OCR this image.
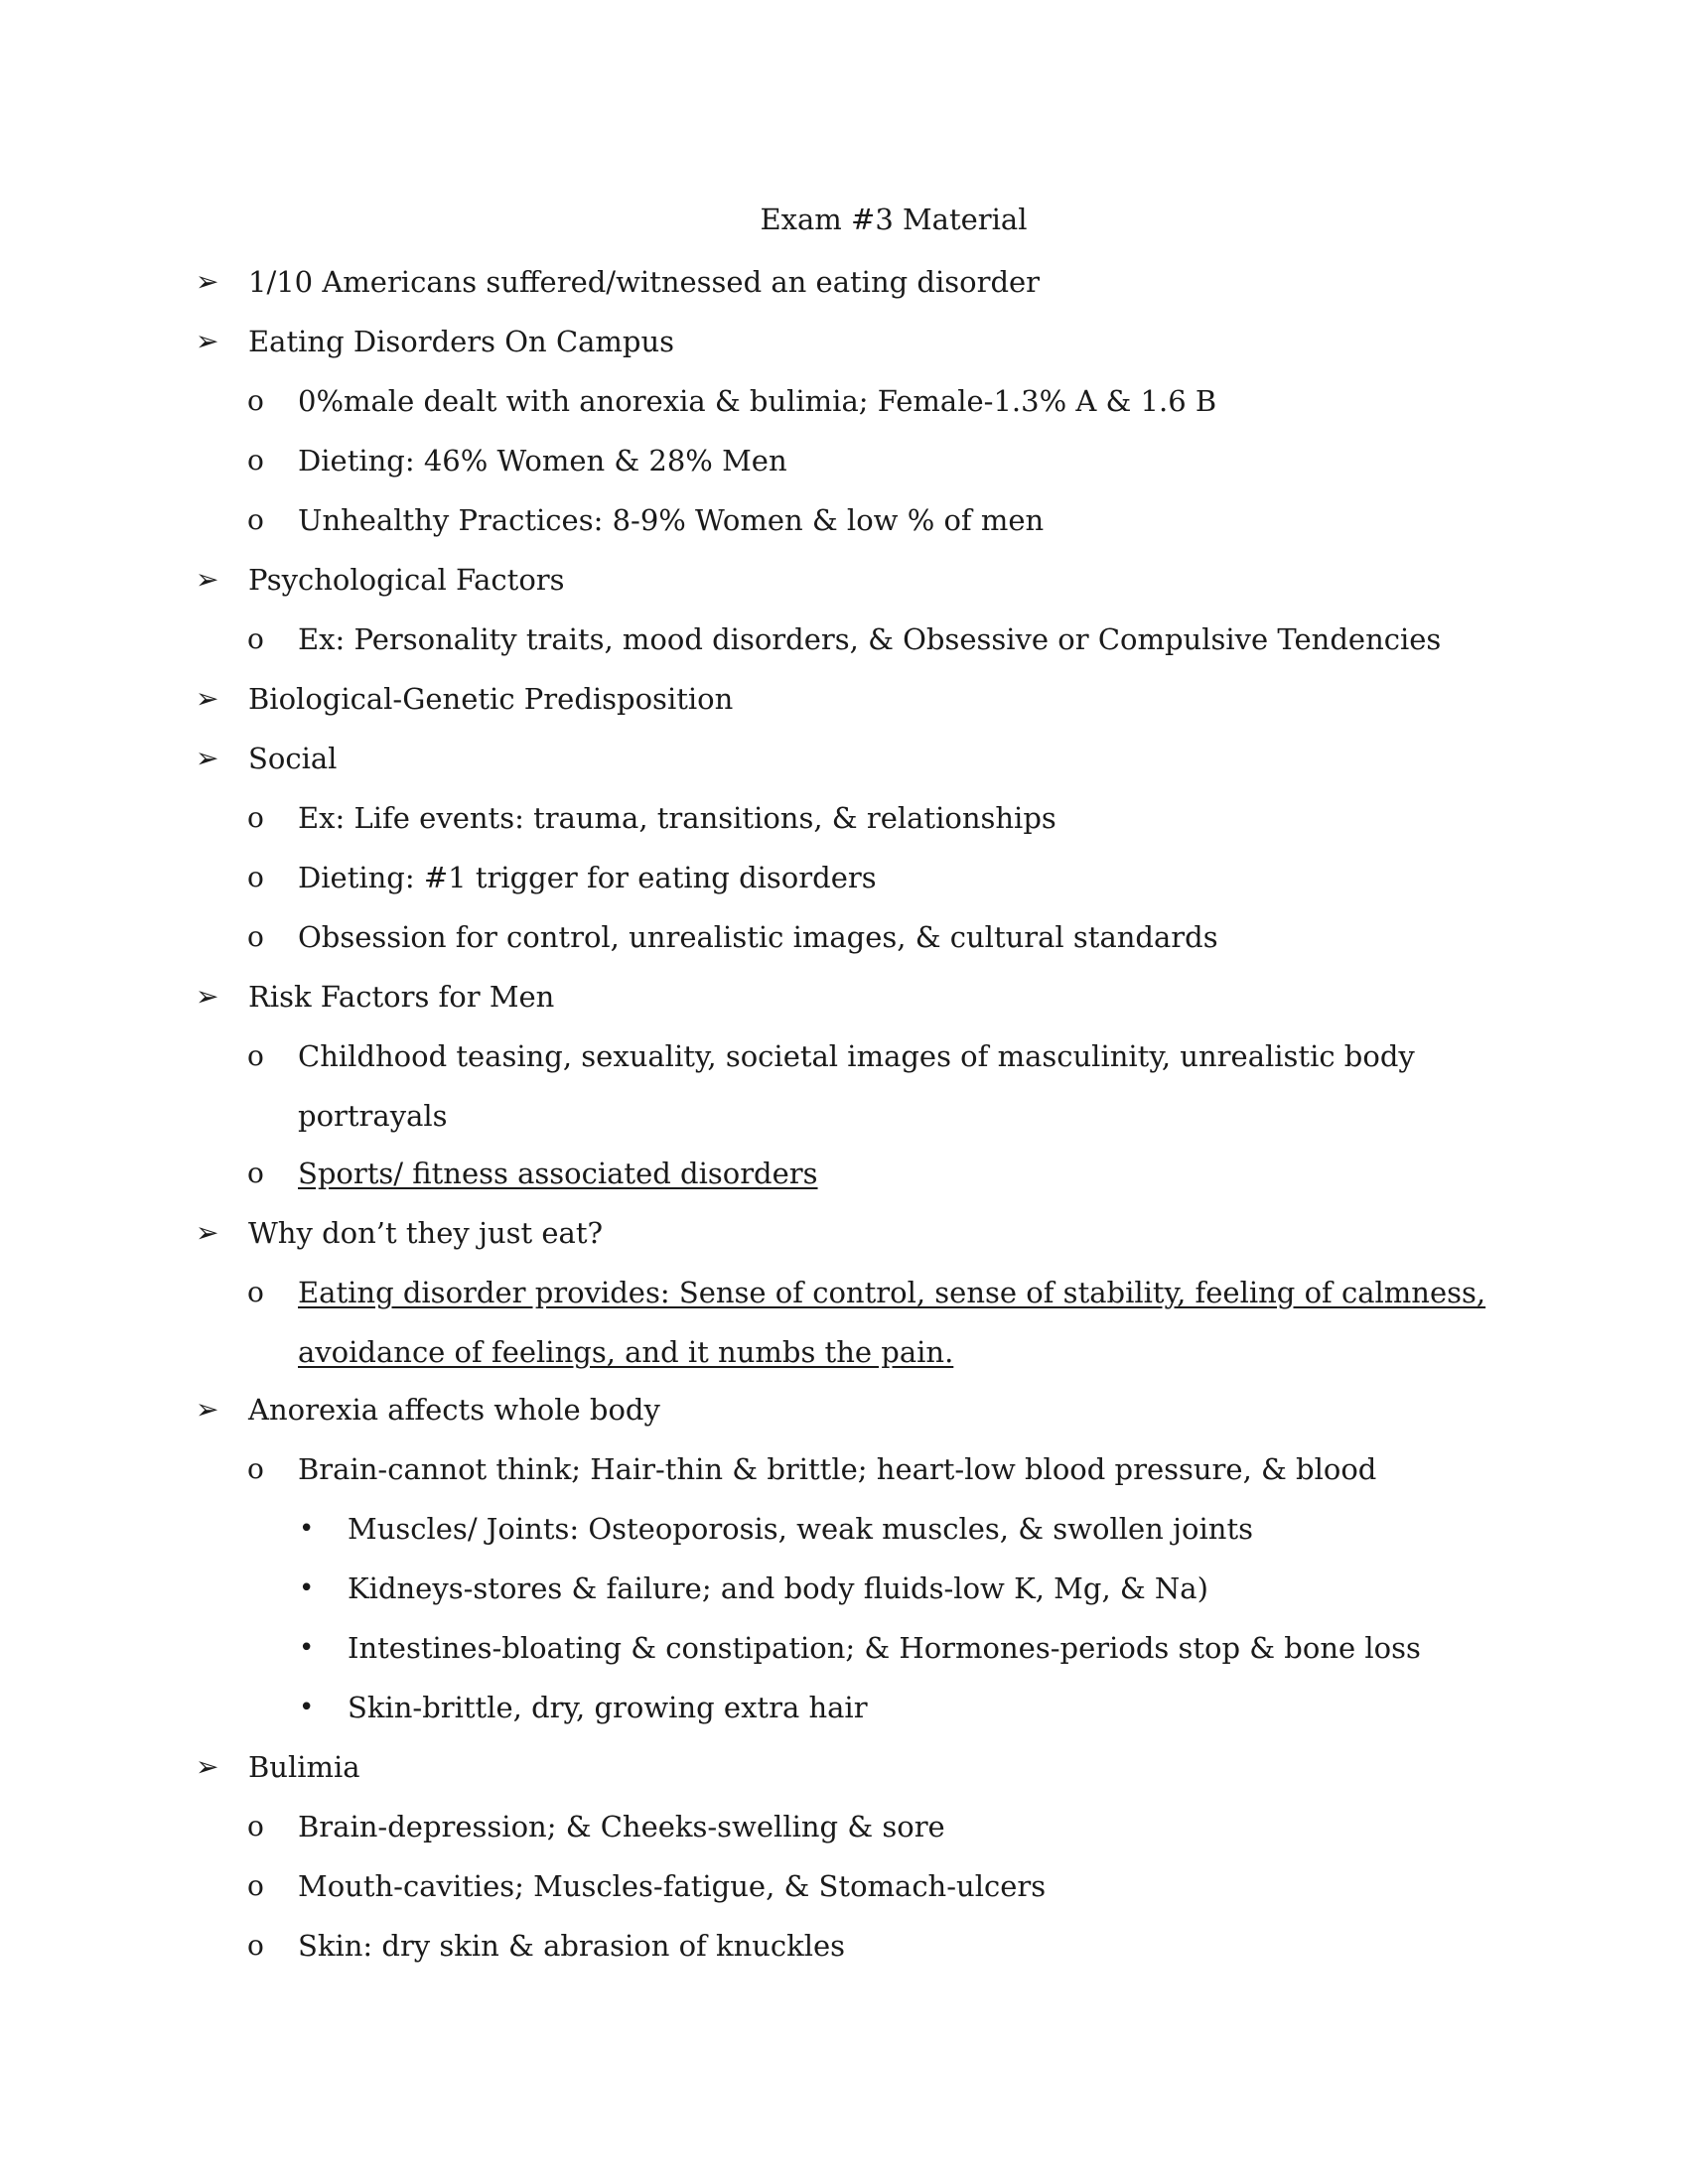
Exam #3 Material
➢ 1/10 Americans suffered/witnessed an eating disorder
➢ Eating Disorders On Campus
o 0%male dealt with anorexia & bulimia; Female-1.3% A & 1.6 B
o Dieting: 46% Women & 28% Men
o Unhealthy Practices: 8-9% Women & low % of men
➢ Psychological Factors
o Ex: Personality traits, mood disorders, & Obsessive or Compulsive Tendencies
➢ Biological-Genetic Predisposition
➢ Social
o Ex: Life events: trauma, transitions, & relationships
o Dieting: #1 trigger for eating disorders
o Obsession for control, unrealistic images, & cultural standards
➢ Risk Factors for Men
o Childhood teasing, sexuality, societal images of masculinity, unrealistic body
portrayals
o Sports/ fitness associated disorders
➢ Why don’t they just eat?
o Eating disorder provides: Sense of control, sense of stability, feeling of calmness,
avoidance of feelings, and it numbs the pain.
➢ Anorexia affects whole body
o Brain-cannot think; Hair-thin & brittle; heart-low blood pressure, & blood
• Muscles/ Joints: Osteoporosis, weak muscles, & swollen joints
• Kidneys-stores & failure; and body fluids-low K, Mg, & Na)
• Intestines-bloating & constipation; & Hormones-periods stop & bone loss
• Skin-brittle, dry, growing extra hair
➢ Bulimia
o Brain-depression; & Cheeks-swelling & sore
o Mouth-cavities; Muscles-fatigue, & Stomach-ulcers
o Skin: dry skin & abrasion of knuckles
